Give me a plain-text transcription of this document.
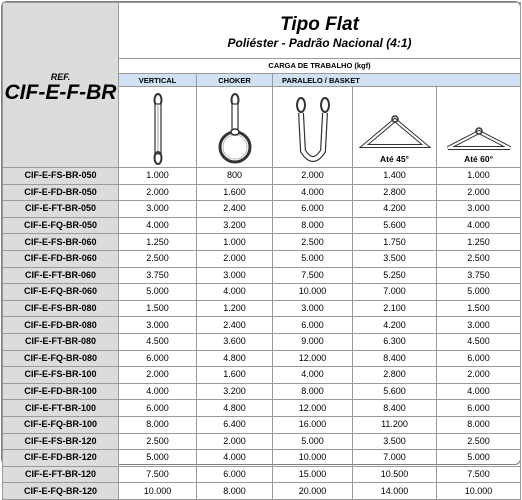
REF.
CIF-E-F-BR	Tipo Flat
Poliéster - Padrão Nacional (4:1)				

	CARGA DE TRABALHO (kgf)				
	VERTICAL	CHOKER	PARALELO / BASKET		

Até 45°	Até 60°

CIF-E-FS-BR-050	1.000	800	2.000	1.400	1.000
CIF-E-FD-BR-050	2.000	1.600	4.000	2.800	2.000
CIF-E-FT-BR-050	3.000	2.400	6.000	4.200	3.000
CIF-E-FQ-BR-050	4.000	3.200	8.000	5.600	4.000
CIF-E-FS-BR-060	1.250	1.000	2.500	1.750	1.250
CIF-E-FD-BR-060	2.500	2.000	5.000	3.500	2.500
CIF-E-FT-BR-060	3.750	3.000	7.500	5.250	3.750
CIF-E-FQ-BR-060	5.000	4.000	10.000	7.000	5.000
CIF-E-FS-BR-080	1.500	1.200	3.000	2.100	1.500
CIF-E-FD-BR-080	3.000	2.400	6.000	4.200	3.000
CIF-E-FT-BR-080	4.500	3.600	9.000	6.300	4.500
CIF-E-FQ-BR-080	6.000	4.800	12.000	8.400	6.000
CIF-E-FS-BR-100	2.000	1.600	4.000	2.800	2.000
CIF-E-FD-BR-100	4.000	3.200	8.000	5.600	4.000
CIF-E-FT-BR-100	6.000	4.800	12.000	8.400	6.000
CIF-E-FQ-BR-100	8.000	6.400	16.000	11.200	8.000
CIF-E-FS-BR-120	2.500	2.000	5.000	3.500	2.500
CIF-E-FD-BR-120	5.000	4.000	10.000	7.000	5.000
CIF-E-FT-BR-120	7.500	6.000	15.000	10.500	7.500
CIF-E-FQ-BR-120	10.000	8.000	20.000	14.000	10.000
